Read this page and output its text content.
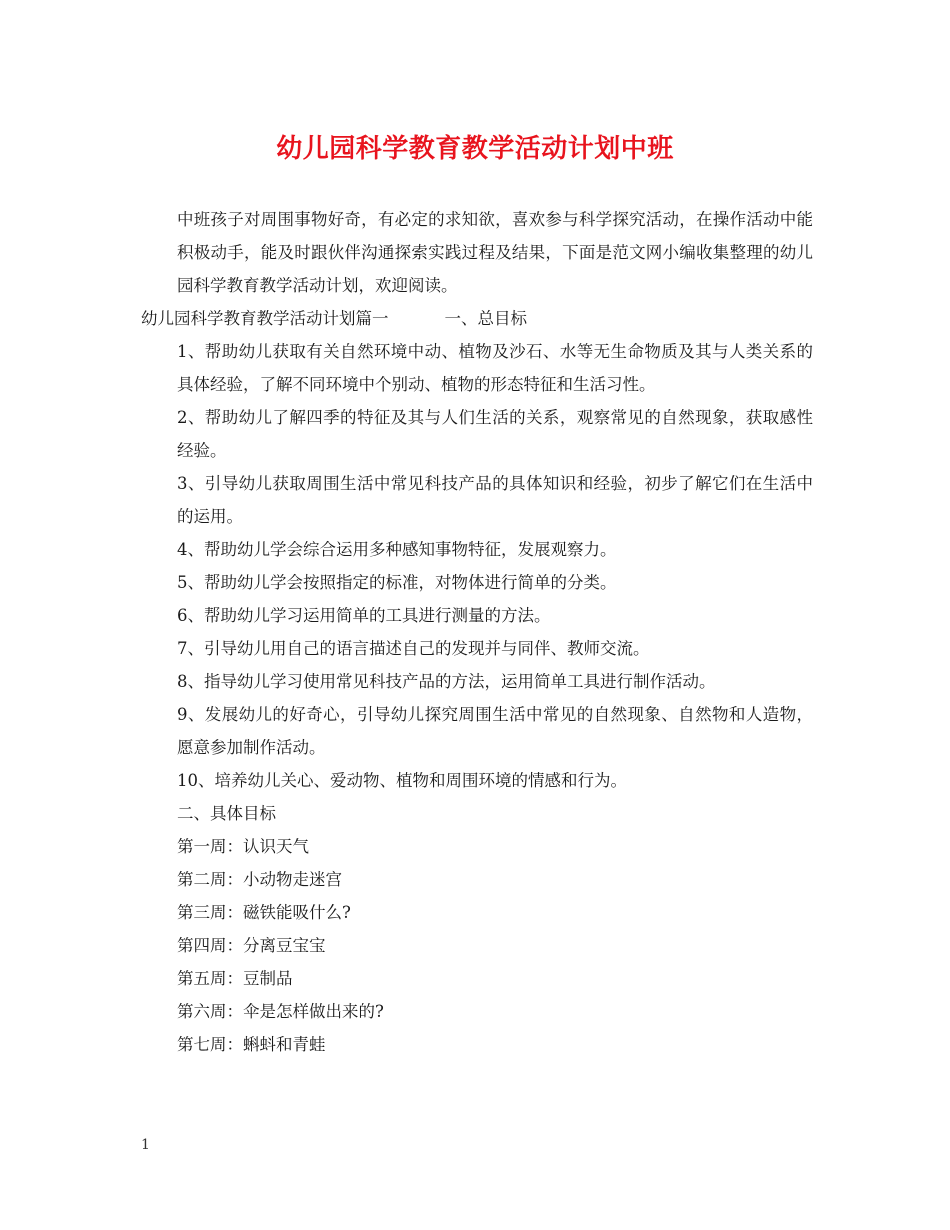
幼儿园科学教育教学活动计划中班

中班孩子对周围事物好奇，有必定的求知欲，喜欢参与科学探究活动，在操作活动中能积极动手，能及时跟伙伴沟通探索实践过程及结果，下面是范文网小编收集整理的幼儿园科学教育教学活动计划，欢迎阅读。

幼儿园科学教育教学活动计划篇一	一、总目标

1、帮助幼儿获取有关自然环境中动、植物及沙石、水等无生命物质及其与人类关系的具体经验，了解不同环境中个别动、植物的形态特征和生活习性。

2、帮助幼儿了解四季的特征及其与人们生活的关系，观察常见的自然现象，获取感性经验。

3、引导幼儿获取周围生活中常见科技产品的具体知识和经验，初步了解它们在生活中的运用。

4、帮助幼儿学会综合运用多种感知事物特征，发展观察力。

5、帮助幼儿学会按照指定的标准，对物体进行简单的分类。

6、帮助幼儿学习运用简单的工具进行测量的方法。

7、引导幼儿用自己的语言描述自己的发现并与同伴、教师交流。

8、指导幼儿学习使用常见科技产品的方法，运用简单工具进行制作活动。

9、发展幼儿的好奇心，引导幼儿探究周围生活中常见的自然现象、自然物和人造物，愿意参加制作活动。

10、培养幼儿关心、爱动物、植物和周围环境的情感和行为。

二、具体目标

第一周：认识天气

第二周：小动物走迷宫

第三周：磁铁能吸什么?

第四周：分离豆宝宝

第五周：豆制品

第六周：伞是怎样做出来的?

第七周：蝌蚪和青蛙

1
